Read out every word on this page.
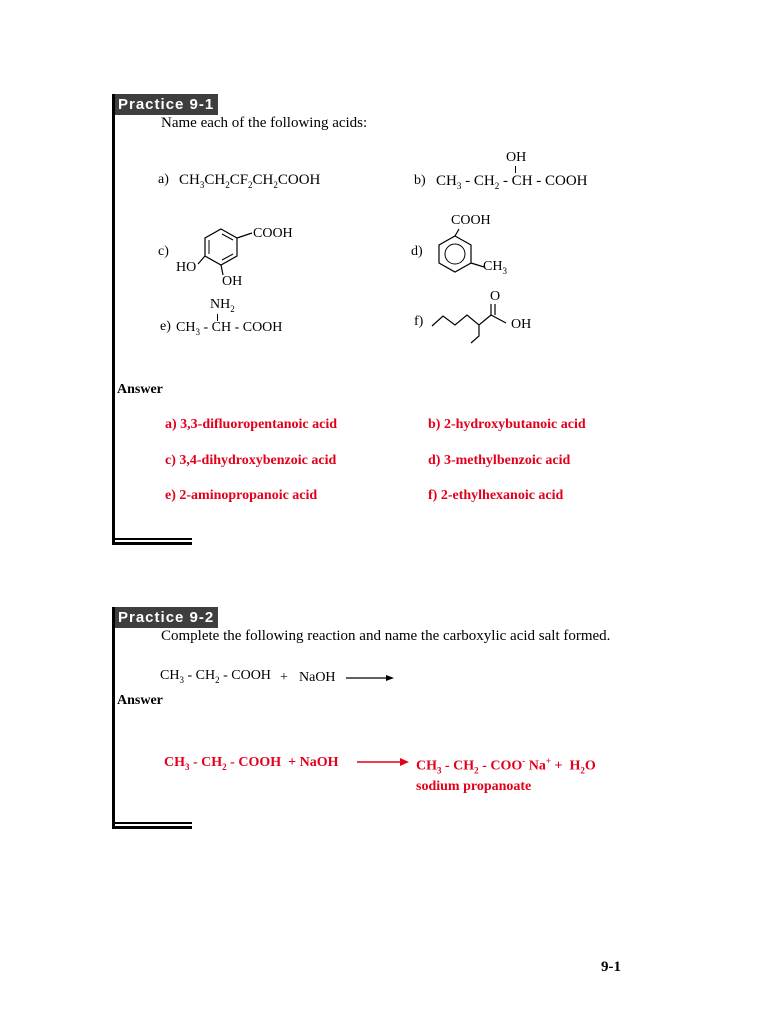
Practice 9-1
Name each of the following acids:
a) $CH_3CH_2CF_2CH_2COOH$
OH
b) $CH_3 - CH_2$ - CH - COOH
c)
COOH
HO
OH
d)
COOH
$CH_3$
$NH_2$
e) $CH_3$ - CH - COOH	f)
O
OH
Answer
a) 3,3-difluoropentanoic acid	b) 2-hydroxybutanoic acid
c) 3,4-dihydroxybenzoic acid	d) 3-methylbenzoic acid
e) 2-aminopropanoic acid	f) 2-ethylhexanoic acid
Practice 9-2
Complete the following reaction and name the carboxylic acid salt formed.
$CH_3 - CH_2$ - COOH + NaOH
Answer
$CH_3 - CH_2$ - COOH  + NaOH	$CH_3 - CH_2 - COO^-$ $Na^+ + H_2O$
sodium propanoate
9-1
